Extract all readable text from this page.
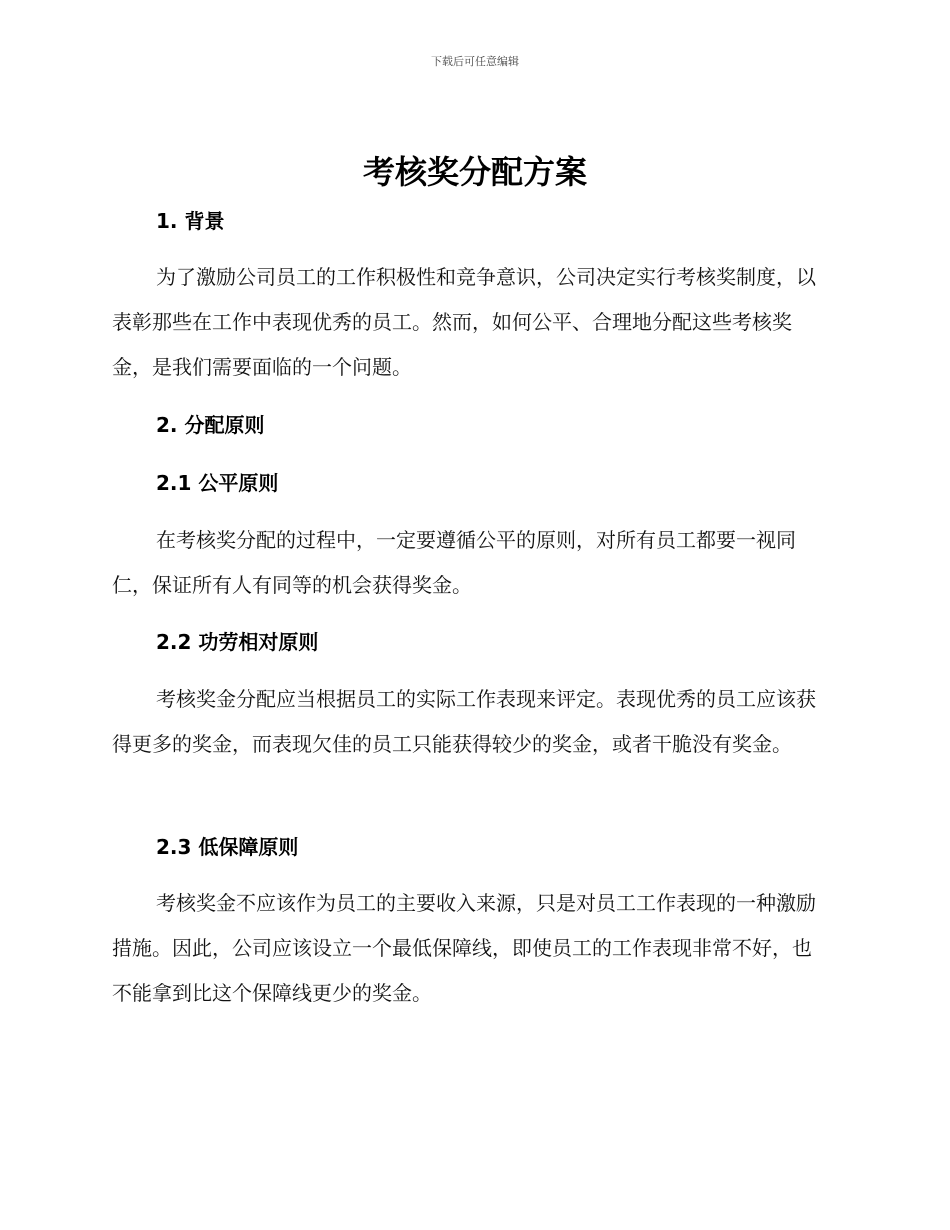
下载后可任意编辑
考核奖分配方案
1. 背景

为了激励公司员工的工作积极性和竞争意识，公司决定实行考核奖制度，以表彰那些在工作中表现优秀的员工。然而，如何公平、合理地分配这些考核奖金，是我们需要面临的一个问题。

2. 分配原则
2.1 公平原则

在考核奖分配的过程中，一定要遵循公平的原则，对所有员工都要一视同仁，保证所有人有同等的机会获得奖金。

2.2 功劳相对原则

考核奖金分配应当根据员工的实际工作表现来评定。表现优秀的员工应该获得更多的奖金，而表现欠佳的员工只能获得较少的奖金，或者干脆没有奖金。

2.3 低保障原则

考核奖金不应该作为员工的主要收入来源，只是对员工工作表现的一种激励措施。因此，公司应该设立一个最低保障线，即使员工的工作表现非常不好，也不能拿到比这个保障线更少的奖金。
